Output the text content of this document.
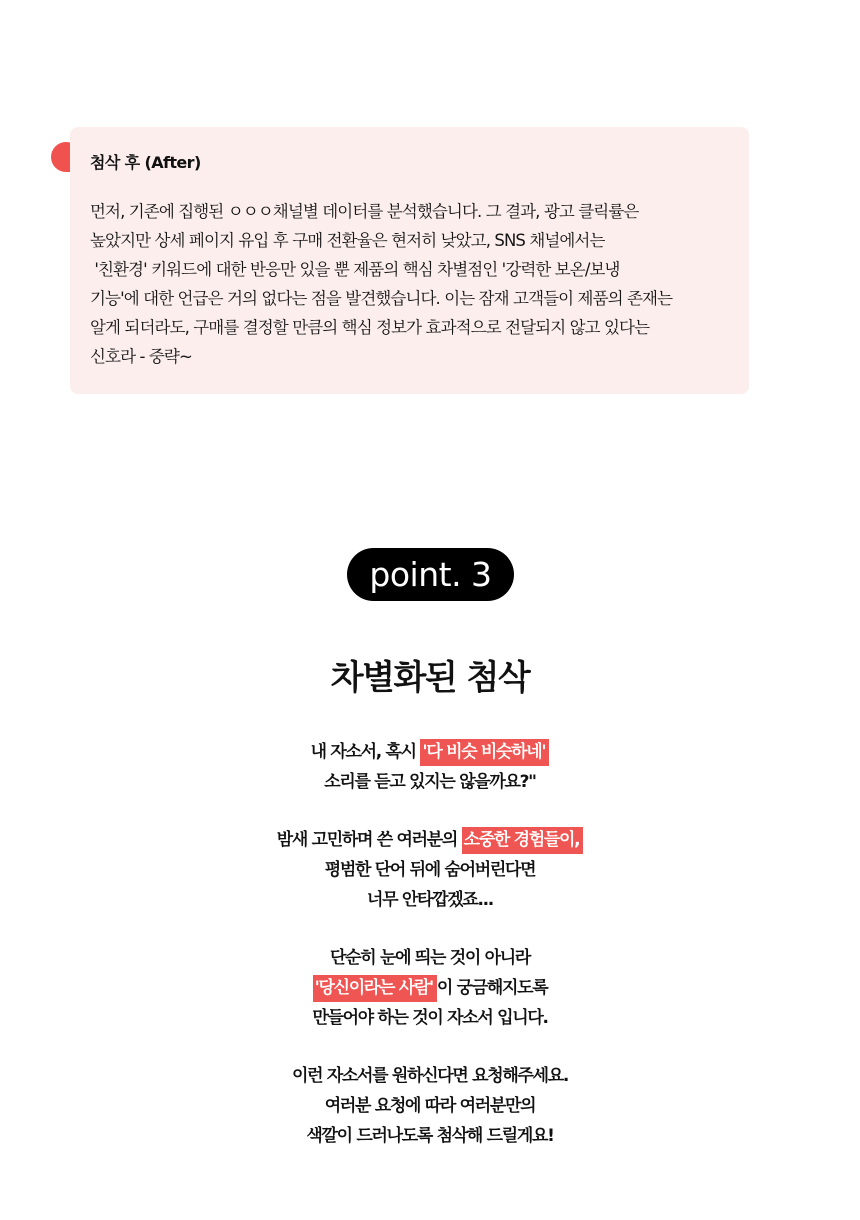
첨삭 후 (After)

먼저, 기존에 집행된 ㅇㅇㅇ채널별 데이터를 분석했습니다. 그 결과, 광고 클릭률은
높았지만 상세 페이지 유입 후 구매 전환율은 현저히 낮았고, SNS 채널에서는
'친환경' 키워드에 대한 반응만 있을 뿐 제품의 핵심 차별점인 '강력한 보온/보냉
기능'에 대한 언급은 거의 없다는 점을 발견했습니다. 이는 잠재 고객들이 제품의 존재는
알게 되더라도, 구매를 결정할 만큼의 핵심 정보가 효과적으로 전달되지 않고 있다는
신호라 - 중략~

point. 3
차별화된 첨삭

내 자소서, 혹시 '다 비슷 비슷하네'
소리를 듣고 있지는 않을까요?"

밤새 고민하며 쓴 여러분의 소중한 경험들이,
평범한 단어 뒤에 숨어버린다면
너무 안타깝겠죠...

단순히 눈에 띄는 것이 아니라
'당신이라는 사람' 이 궁금해지도록
만들어야 하는 것이 자소서 입니다.

이런 자소서를 원하신다면 요청해주세요.
여러분 요청에 따라 여러분만의
색깔이 드러나도록 첨삭해 드릴게요!
